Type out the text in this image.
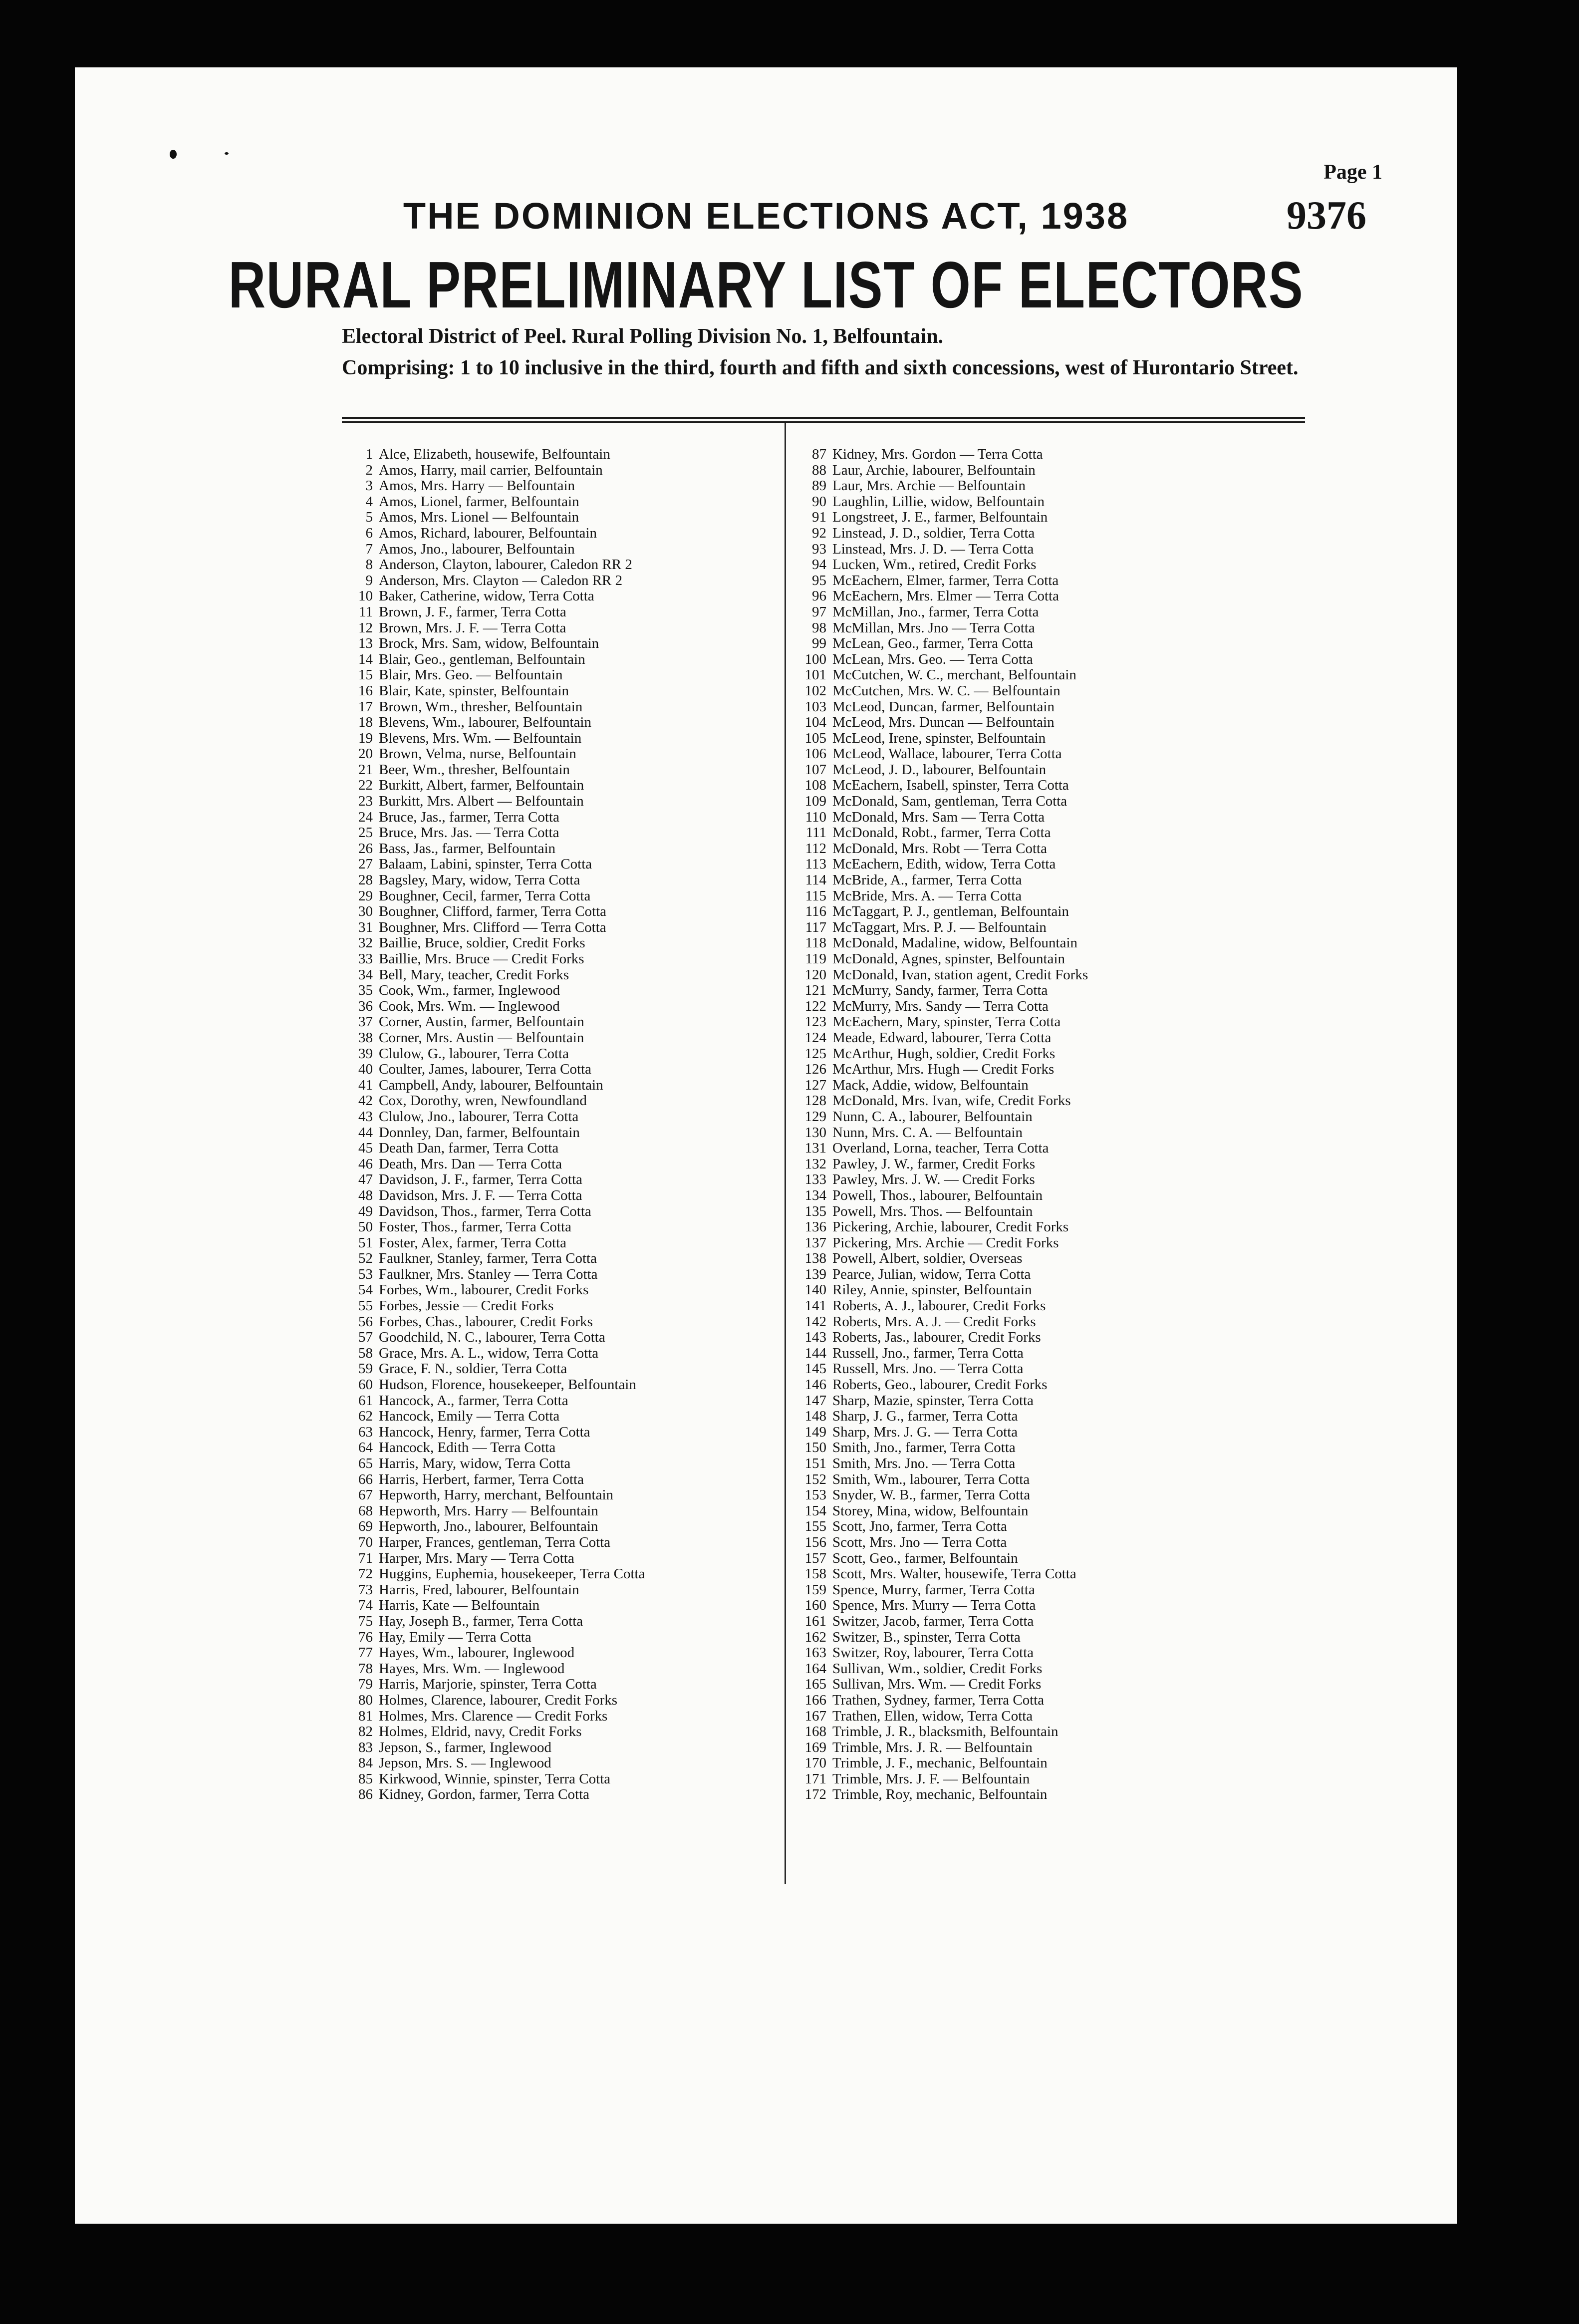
Page 1
THE DOMINION ELECTIONS ACT, 1938	9376
RURAL PRELIMINARY LIST OF ELECTORS
Electoral District of Peel. Rural Polling Division No. 1, Belfountain.
Comprising: 1 to 10 inclusive in the third, fourth and fifth and sixth concessions, west of Hurontario Street.
1 Alce, Elizabeth, housewife, Belfountain
2 Amos, Harry, mail carrier, Belfountain
3 Amos, Mrs. Harry — Belfountain
4 Amos, Lionel, farmer, Belfountain
5 Amos, Mrs. Lionel — Belfountain
6 Amos, Richard, labourer, Belfountain
7 Amos, Jno., labourer, Belfountain
8 Anderson, Clayton, labourer, Caledon RR 2
9 Anderson, Mrs. Clayton — Caledon RR 2
10 Baker, Catherine, widow, Terra Cotta
11 Brown, J. F., farmer, Terra Cotta
12 Brown, Mrs. J. F. — Terra Cotta
13 Brock, Mrs. Sam, widow, Belfountain
14 Blair, Geo., gentleman, Belfountain
15 Blair, Mrs. Geo. — Belfountain
16 Blair, Kate, spinster, Belfountain
17 Brown, Wm., thresher, Belfountain
18 Blevens, Wm., labourer, Belfountain
19 Blevens, Mrs. Wm. — Belfountain
20 Brown, Velma, nurse, Belfountain
21 Beer, Wm., thresher, Belfountain
22 Burkitt, Albert, farmer, Belfountain
23 Burkitt, Mrs. Albert — Belfountain
24 Bruce, Jas., farmer, Terra Cotta
25 Bruce, Mrs. Jas. — Terra Cotta
26 Bass, Jas., farmer, Belfountain
27 Balaam, Labini, spinster, Terra Cotta
28 Bagsley, Mary, widow, Terra Cotta
29 Boughner, Cecil, farmer, Terra Cotta
30 Boughner, Clifford, farmer, Terra Cotta
31 Boughner, Mrs. Clifford — Terra Cotta
32 Baillie, Bruce, soldier, Credit Forks
33 Baillie, Mrs. Bruce — Credit Forks
34 Bell, Mary, teacher, Credit Forks
35 Cook, Wm., farmer, Inglewood
36 Cook, Mrs. Wm. — Inglewood
37 Corner, Austin, farmer, Belfountain
38 Corner, Mrs. Austin — Belfountain
39 Clulow, G., labourer, Terra Cotta
40 Coulter, James, labourer, Terra Cotta
41 Campbell, Andy, labourer, Belfountain
42 Cox, Dorothy, wren, Newfoundland
43 Clulow, Jno., labourer, Terra Cotta
44 Donnley, Dan, farmer, Belfountain
45 Death Dan, farmer, Terra Cotta
46 Death, Mrs. Dan — Terra Cotta
47 Davidson, J. F., farmer, Terra Cotta
48 Davidson, Mrs. J. F. — Terra Cotta
49 Davidson, Thos., farmer, Terra Cotta
50 Foster, Thos., farmer, Terra Cotta
51 Foster, Alex, farmer, Terra Cotta
52 Faulkner, Stanley, farmer, Terra Cotta
53 Faulkner, Mrs. Stanley — Terra Cotta
54 Forbes, Wm., labourer, Credit Forks
55 Forbes, Jessie — Credit Forks
56 Forbes, Chas., labourer, Credit Forks
57 Goodchild, N. C., labourer, Terra Cotta
58 Grace, Mrs. A. L., widow, Terra Cotta
59 Grace, F. N., soldier, Terra Cotta
60 Hudson, Florence, housekeeper, Belfountain
61 Hancock, A., farmer, Terra Cotta
62 Hancock, Emily — Terra Cotta
63 Hancock, Henry, farmer, Terra Cotta
64 Hancock, Edith — Terra Cotta
65 Harris, Mary, widow, Terra Cotta
66 Harris, Herbert, farmer, Terra Cotta
67 Hepworth, Harry, merchant, Belfountain
68 Hepworth, Mrs. Harry — Belfountain
69 Hepworth, Jno., labourer, Belfountain
70 Harper, Frances, gentleman, Terra Cotta
71 Harper, Mrs. Mary — Terra Cotta
72 Huggins, Euphemia, housekeeper, Terra Cotta
73 Harris, Fred, labourer, Belfountain
74 Harris, Kate — Belfountain
75 Hay, Joseph B., farmer, Terra Cotta
76 Hay, Emily — Terra Cotta
77 Hayes, Wm., labourer, Inglewood
78 Hayes, Mrs. Wm. — Inglewood
79 Harris, Marjorie, spinster, Terra Cotta
80 Holmes, Clarence, labourer, Credit Forks
81 Holmes, Mrs. Clarence — Credit Forks
82 Holmes, Eldrid, navy, Credit Forks
83 Jepson, S., farmer, Inglewood
84 Jepson, Mrs. S. — Inglewood
85 Kirkwood, Winnie, spinster, Terra Cotta
86 Kidney, Gordon, farmer, Terra Cotta
87 Kidney, Mrs. Gordon — Terra Cotta
88 Laur, Archie, labourer, Belfountain
89 Laur, Mrs. Archie — Belfountain
90 Laughlin, Lillie, widow, Belfountain
91 Longstreet, J. E., farmer, Belfountain
92 Linstead, J. D., soldier, Terra Cotta
93 Linstead, Mrs. J. D. — Terra Cotta
94 Lucken, Wm., retired, Credit Forks
95 McEachern, Elmer, farmer, Terra Cotta
96 McEachern, Mrs. Elmer — Terra Cotta
97 McMillan, Jno., farmer, Terra Cotta
98 McMillan, Mrs. Jno — Terra Cotta
99 McLean, Geo., farmer, Terra Cotta
100 McLean, Mrs. Geo. — Terra Cotta
101 McCutchen, W. C., merchant, Belfountain
102 McCutchen, Mrs. W. C. — Belfountain
103 McLeod, Duncan, farmer, Belfountain
104 McLeod, Mrs. Duncan — Belfountain
105 McLeod, Irene, spinster, Belfountain
106 McLeod, Wallace, labourer, Terra Cotta
107 McLeod, J. D., labourer, Belfountain
108 McEachern, Isabell, spinster, Terra Cotta
109 McDonald, Sam, gentleman, Terra Cotta
110 McDonald, Mrs. Sam — Terra Cotta
111 McDonald, Robt., farmer, Terra Cotta
112 McDonald, Mrs. Robt — Terra Cotta
113 McEachern, Edith, widow, Terra Cotta
114 McBride, A., farmer, Terra Cotta
115 McBride, Mrs. A. — Terra Cotta
116 McTaggart, P. J., gentleman, Belfountain
117 McTaggart, Mrs. P. J. — Belfountain
118 McDonald, Madaline, widow, Belfountain
119 McDonald, Agnes, spinster, Belfountain
120 McDonald, Ivan, station agent, Credit Forks
121 McMurry, Sandy, farmer, Terra Cotta
122 McMurry, Mrs. Sandy — Terra Cotta
123 McEachern, Mary, spinster, Terra Cotta
124 Meade, Edward, labourer, Terra Cotta
125 McArthur, Hugh, soldier, Credit Forks
126 McArthur, Mrs. Hugh — Credit Forks
127 Mack, Addie, widow, Belfountain
128 McDonald, Mrs. Ivan, wife, Credit Forks
129 Nunn, C. A., labourer, Belfountain
130 Nunn, Mrs. C. A. — Belfountain
131 Overland, Lorna, teacher, Terra Cotta
132 Pawley, J. W., farmer, Credit Forks
133 Pawley, Mrs. J. W. — Credit Forks
134 Powell, Thos., labourer, Belfountain
135 Powell, Mrs. Thos. — Belfountain
136 Pickering, Archie, labourer, Credit Forks
137 Pickering, Mrs. Archie — Credit Forks
138 Powell, Albert, soldier, Overseas
139 Pearce, Julian, widow, Terra Cotta
140 Riley, Annie, spinster, Belfountain
141 Roberts, A. J., labourer, Credit Forks
142 Roberts, Mrs. A. J. — Credit Forks
143 Roberts, Jas., labourer, Credit Forks
144 Russell, Jno., farmer, Terra Cotta
145 Russell, Mrs. Jno. — Terra Cotta
146 Roberts, Geo., labourer, Credit Forks
147 Sharp, Mazie, spinster, Terra Cotta
148 Sharp, J. G., farmer, Terra Cotta
149 Sharp, Mrs. J. G. — Terra Cotta
150 Smith, Jno., farmer, Terra Cotta
151 Smith, Mrs. Jno. — Terra Cotta
152 Smith, Wm., labourer, Terra Cotta
153 Snyder, W. B., farmer, Terra Cotta
154 Storey, Mina, widow, Belfountain
155 Scott, Jno, farmer, Terra Cotta
156 Scott, Mrs. Jno — Terra Cotta
157 Scott, Geo., farmer, Belfountain
158 Scott, Mrs. Walter, housewife, Terra Cotta
159 Spence, Murry, farmer, Terra Cotta
160 Spence, Mrs. Murry — Terra Cotta
161 Switzer, Jacob, farmer, Terra Cotta
162 Switzer, B., spinster, Terra Cotta
163 Switzer, Roy, labourer, Terra Cotta
164 Sullivan, Wm., soldier, Credit Forks
165 Sullivan, Mrs. Wm. — Credit Forks
166 Trathen, Sydney, farmer, Terra Cotta
167 Trathen, Ellen, widow, Terra Cotta
168 Trimble, J. R., blacksmith, Belfountain
169 Trimble, Mrs. J. R. — Belfountain
170 Trimble, J. F., mechanic, Belfountain
171 Trimble, Mrs. J. F. — Belfountain
172 Trimble, Roy, mechanic, Belfountain
